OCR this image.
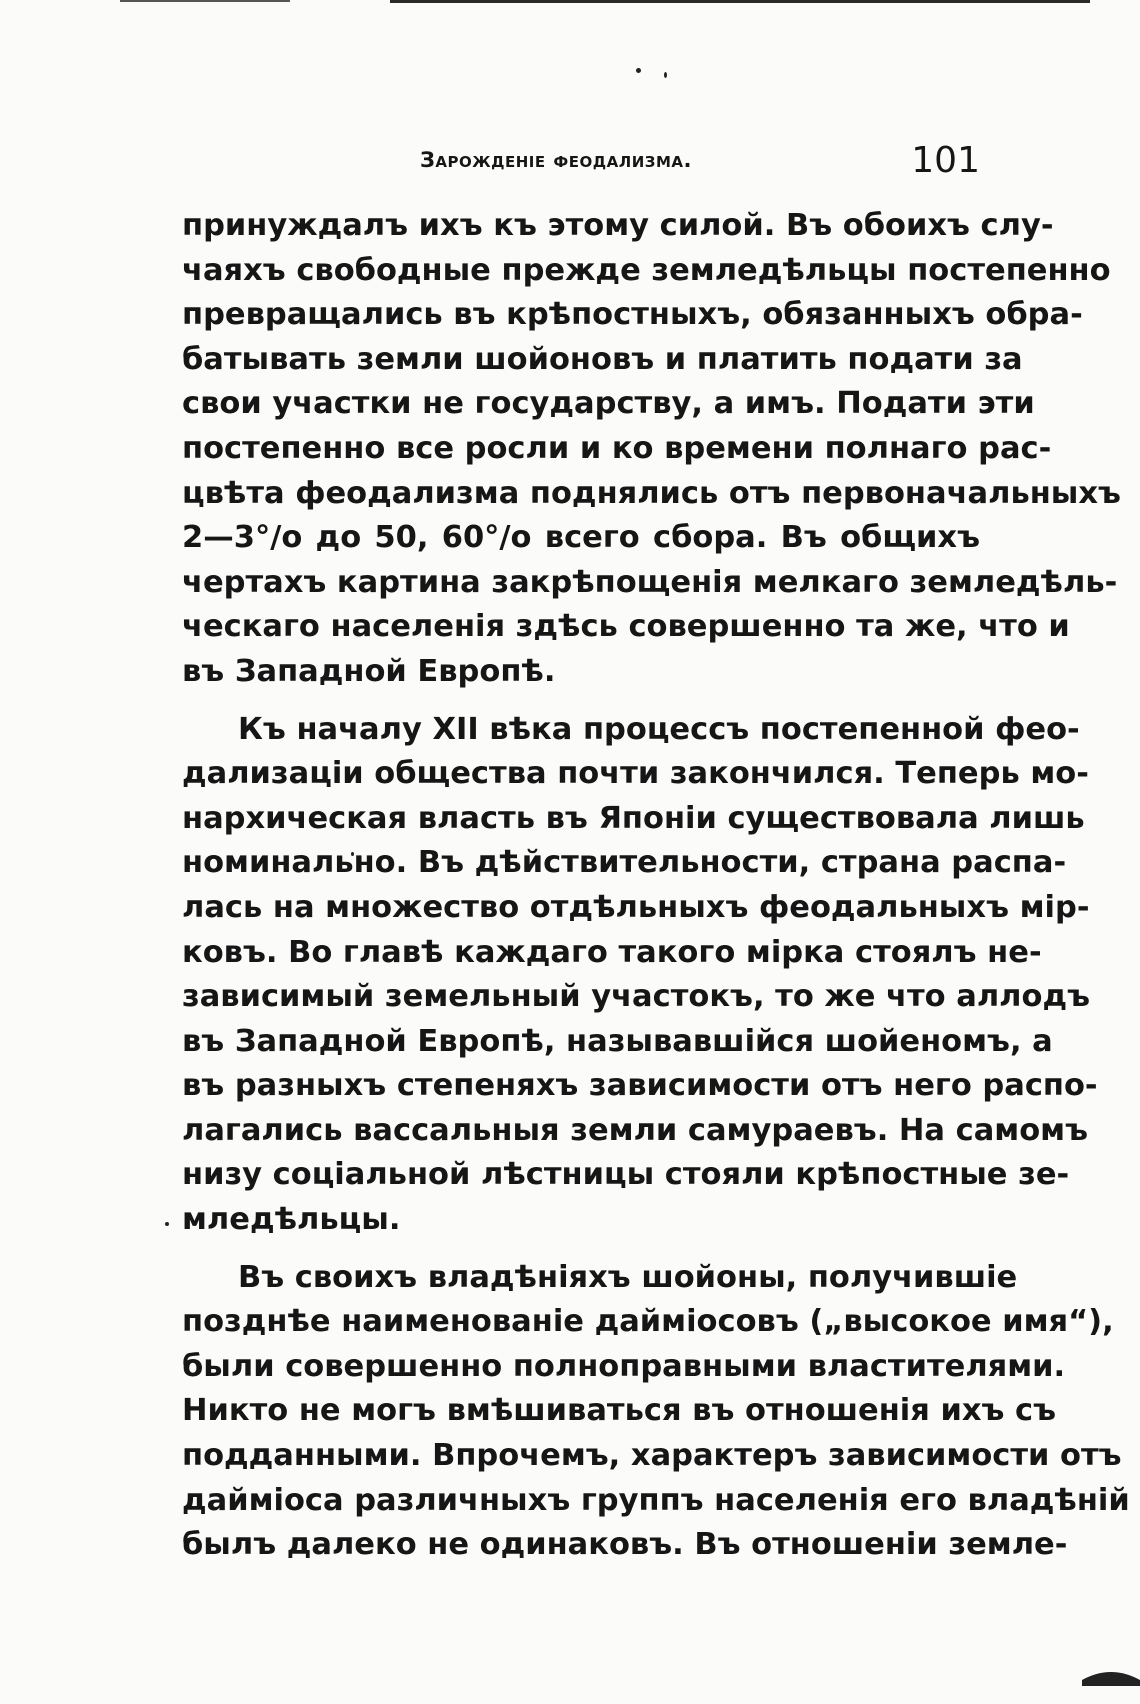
Зарожденіе феодализма.	101
принуждалъ ихъ къ этому силой. Въ обоихъ слу-
чаяхъ свободные прежде земледѣльцы постепенно
превращались въ крѣпостныхъ, обязанныхъ обра-
батывать земли шойоновъ и платить подати за
свои участки не государству, а имъ. Подати эти
постепенно все росли и ко времени полнаго рас-
цвѣта феодализма поднялись отъ первоначальныхъ
2—3°/o до 50, 60°/o всего сбора. Въ общихъ
чертахъ картина закрѣпощенія мелкаго земледѣль-
ческаго населенія здѣсь совершенно та же, что и
въ Западной Европѣ.
Къ началу XII вѣка процессъ постепенной фео-
дализаціи общества почти закончился. Теперь мо-
нархическая власть въ Японіи существовала лишь
номинально. Въ дѣйствительности, страна распа-
лась на множество отдѣльныхъ феодальныхъ мір-
ковъ. Во главѣ каждаго такого мірка стоялъ не-
зависимый земельный участокъ, то же что аллодъ
въ Западной Европѣ, называвшійся шойеномъ, а
въ разныхъ степеняхъ зависимости отъ него распо-
лагались вассальныя земли самураевъ. На самомъ
низу соціальной лѣстницы стояли крѣпостные зе-
мледѣльцы.
Въ своихъ владѣніяхъ шойоны, получившіе
позднѣе наименованіе даймiосовъ („высокое имя“),
были совершенно полноправными властителями.
Никто не могъ вмѣшиваться въ отношенія ихъ съ
подданными. Впрочемъ, характеръ зависимости отъ
даймiоса различныхъ группъ населенія его владѣній
былъ далеко не одинаковъ. Въ отношеніи земле-
